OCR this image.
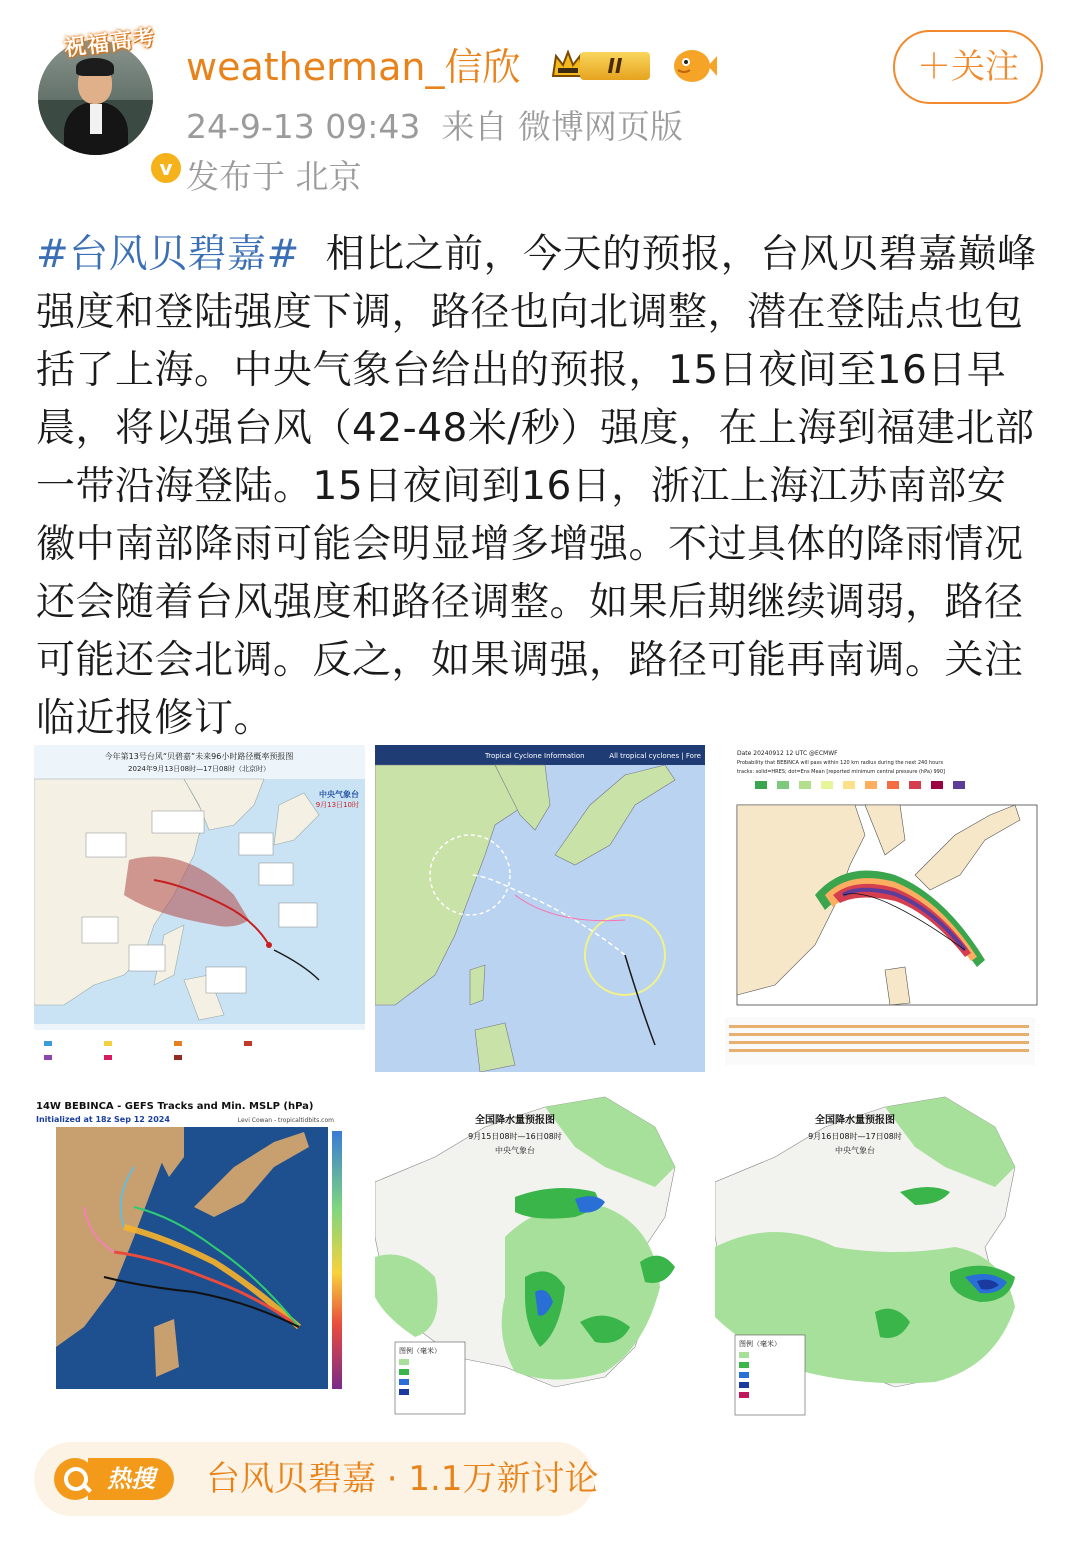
祝福高考
v
weatherman_信欣	II
24-9-13 09:43 来自 微博网页版
发布于 北京
＋关注
#台风贝碧嘉# 相比之前，今天的预报，台风贝碧嘉巅峰强度和登陆强度下调，路径也向北调整，潜在登陆点也包括了上海。中央气象台给出的预报，15日夜间至16日早晨，将以强台风（42-48米/秒）强度，在上海到福建北部一带沿海登陆。15日夜间到16日，浙江上海江苏南部安徽中南部降雨可能会明显增多增强。不过具体的降雨情况还会随着台风强度和路径调整。如果后期继续调弱，路径可能还会北调。反之，如果调强，路径可能再南调。关注临近报修订。
今年第13号台风“贝碧嘉”未来96小时路径概率预报图
2024年9月13日08时—17日08时（北京时）
中央气象台
9月13日10时
Tropical Cyclone Information	All tropical cyclones | Fore	Date 20240912 12 UTC @ECMWF
Probability that BEBINCA will pass within 120 km radius during the next 240 hours
tracks: solid=HRES; dot=Ens Mean [reported minimum central pressure (hPa) 990]
14W BEBINCA - GEFS Tracks and Min. MSLP (hPa)
Initialized at 18z Sep 12 2024	Levi Cowan - tropicaltidbits.com	全国降水量预报图
9月15日08时—16日08时
中央气象台
图例（毫米）
全国降水量预报图
9月16日08时—17日08时
中央气象台
图例（毫米）
热搜	台风贝碧嘉 · 1.1万新讨论
